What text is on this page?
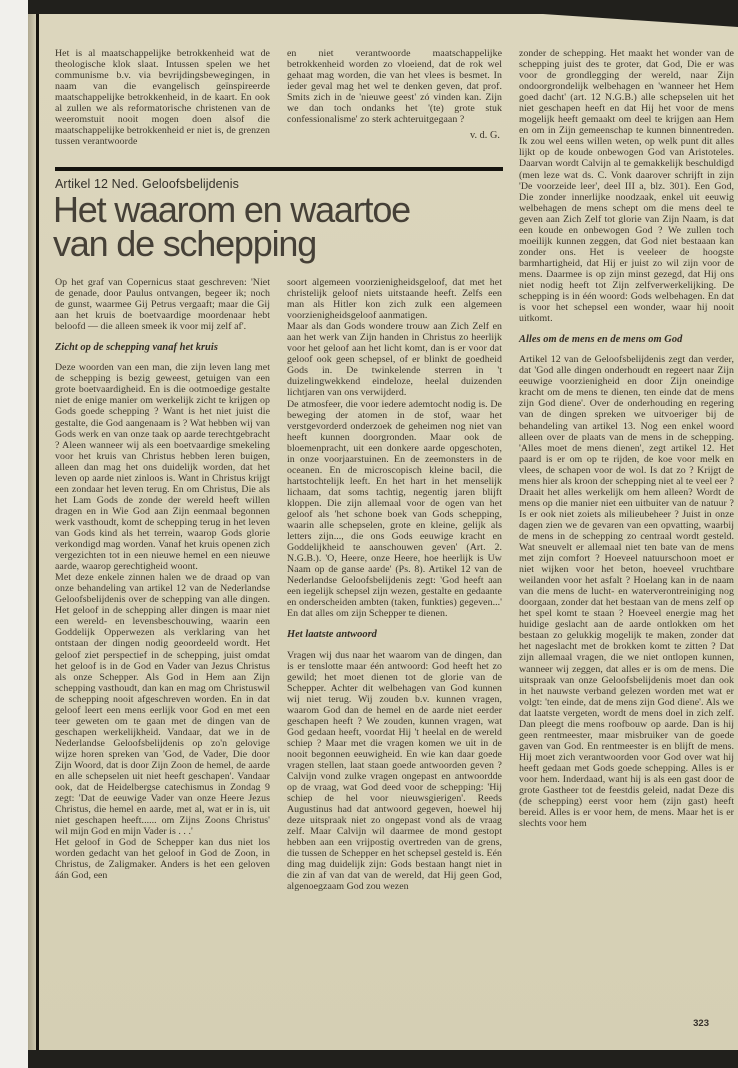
Het is al maatschappelijke betrokkenheid wat de theologische klok slaat. Intussen spelen we het communisme b.v. via bevrijdingsbewegingen, in naam van die evangelisch geïnspireerde maatschappelijke betrokkenheid, in de kaart. En ook al zullen we als reformatorische christenen van de weeromstuit nooit mogen doen alsof die maatschappelijke betrokkenheid er niet is, de grenzen tussen verantwoorde

en niet verantwoorde maatschappelijke betrokkenheid worden zo vloeiend, dat de rok wel gehaat mag worden, die van het vlees is besmet. In ieder geval mag het wel te denken geven, dat prof. Smits zich in de 'nieuwe geest' zó vinden kan. Zijn we dan toch ondanks het '(te) grote stuk confessionalisme' zo sterk achteruitgegaan ?

v. d. G.
Artikel 12 Ned. Geloofsbelijdenis
Het waarom en waartoe
van de schepping
Op het graf van Copernicus staat geschreven: 'Niet de genade, door Paulus ontvangen, begeer ik; noch de gunst, waarmee Gij Petrus vergaaft; maar die Gij aan het kruis de boetvaardige moordenaar hebt beloofd — die alleen smeek ik voor mij zelf af'.
Zicht op de schepping vanaf het kruis
Deze woorden van een man, die zijn leven lang met de schepping is bezig geweest, getuigen van een grote boetvaardigheid. En is die ootmoedige gestalte niet de enige manier om werkelijk zicht te krijgen op Gods goede schepping ? Want is het niet juist die gestalte, die God aangenaam is ? Wat hebben wij van Gods werk en van onze taak op aarde terechtgebracht ? Aleen wanneer wij als een boetvaardige smekeling voor het kruis van Christus hebben leren buigen, alleen dan mag het ons duidelijk worden, dat het leven op aarde niet zinloos is. Want in Christus krijgt een zondaar het leven terug. En om Christus, Die als het Lam Gods de zonde der wereld heeft willen dragen en in Wie God aan Zijn eenmaal begonnen werk vasthoudt, komt de schepping terug in het leven van Gods kind als het terrein, waarop Gods glorie verkondigd mag worden. Vanaf het kruis openen zich vergezichten tot in een nieuwe hemel en een nieuwe aarde, waarop gerechtigheid woont.
Met deze enkele zinnen halen we de draad op van onze behandeling van artikel 12 van de Nederlandse Geloofsbelijdenis over de schepping van alle dingen. Het geloof in de schepping aller dingen is maar niet een wereld- en levensbeschouwing, waarin een Goddelijk Opperwezen als verklaring van het ontstaan der dingen nodig geoordeeld wordt. Het geloof ziet perspectief in de schepping, juist omdat het geloof is in de God en Vader van Jezus Christus als onze Schepper. Als God in Hem aan Zijn schepping vasthoudt, dan kan en mag om Christuswil de schepping nooit afgeschreven worden. En in dat geloof leert een mens eerlijk voor God en met een teer geweten om te gaan met de dingen van de geschapen werkelijkheid. Vandaar, dat we in de Nederlandse Geloofsbelijdenis op zo'n gelovige wijze horen spreken van 'God, de Vader, Die door Zijn Woord, dat is door Zijn Zoon de hemel, de aarde en alle schepselen uit niet heeft geschapen'. Vandaar ook, dat de Heidelbergse catechismus in Zondag 9 zegt: 'Dat de eeuwige Vader van onze Heere Jezus Christus, die hemel en aarde, met al, wat er in is, uit niet geschapen heeft...... om Zijns Zoons Christus' wil mijn God en mijn Vader is . . .'
Het geloof in God de Schepper kan dus niet los worden gedacht van het geloof in God de Zoon, in Christus, de Zaligmaker. Anders is het een geloven áán God, een
soort algemeen voorzienigheidsgeloof, dat met het christelijk geloof niets uitstaande heeft. Zelfs een man als Hitler kon zich zulk een algemeen voorzienigheidsgeloof aanmatigen.
Maar als dan Gods wondere trouw aan Zich Zelf en aan het werk van Zijn handen in Christus zo heerlijk voor het geloof aan het licht komt, dan is er voor dat geloof ook geen schepsel, of er blinkt de goedheid Gods in. De twinkelende sterren in 't duizelingwekkend eindeloze, heelal duizenden lichtjaren van ons verwijderd.
De atmosfeer, die voor iedere ademtocht nodig is. De beweging der atomen in de stof, waar het verstgevorderd onderzoek de geheimen nog niet van heeft kunnen doorgronden. Maar ook de bloemenpracht, uit een donkere aarde opgeschoten, in onze voorjaarstuinen. En de zeemonsters in de oceanen. En de microscopisch kleine bacil, die hartstochtelijk leeft. En het hart in het menselijk lichaam, dat soms tachtig, negentig jaren blijft kloppen. Die zijn allemaal voor de ogen van het geloof als 'het schone boek van Gods schepping, waarin alle schepselen, grote en kleine, gelijk als letters zijn..., die ons Gods eeuwige kracht en Goddelijkheid te aanschouwen geven' (Art. 2. N.G.B.). 'O, Heere, onze Heere, hoe heerlijk is Uw Naam op de ganse aarde' (Ps. 8). Artikel 12 van de Nederlandse Geloofsbelijdenis zegt: 'God heeft aan een iegelijk schepsel zijn wezen, gestalte en gedaante en onderscheiden ambten (taken, funkties) gegeven...' En dat alles om zijn Schepper te dienen.
Het laatste antwoord
Vragen wij dus naar het waarom van de dingen, dan is er tenslotte maar één antwoord: God heeft het zo gewild; het moet dienen tot de glorie van de Schepper. Achter dit welbehagen van God kunnen wij niet terug. Wij zouden b.v. kunnen vragen, waarom God dan de hemel en de aarde niet eerder geschapen heeft ? We zouden, kunnen vragen, wat God gedaan heeft, voordat Hij 't heelal en de wereld schiep ? Maar met die vragen komen we uit in de nooit begonnen eeuwigheid. En wie kan daar goede vragen stellen, laat staan goede antwoorden geven ? Calvijn vond zulke vragen ongepast en antwoordde op de vraag, wat God deed voor de schepping: 'Hij schiep de hel voor nieuwsgierigen'. Reeds Augustinus had dat antwoord gegeven, hoewel hij deze uitspraak niet zo ongepast vond als de vraag zelf. Maar Calvijn wil daarmee de mond gestopt hebben aan een vrijpostig overtreden van de grens, die tussen de Schepper en het schepsel gesteld is. Eén ding mag duidelijk zijn: Gods bestaan hangt niet in die zin af van dat van de wereld, dat Hij geen God, algenoegzaam God zou wezen
zonder de schepping. Het maakt het wonder van de schepping juist des te groter, dat God, Die er was voor de grondlegging der wereld, naar Zijn ondoorgrondelijk welbehagen en 'wanneer het Hem goed dacht' (art. 12 N.G.B.) alle schepselen uit het niet geschapen heeft en dat Hij het voor de mens mogelijk heeft gemaakt om deel te krijgen aan Hem en om in Zijn gemeenschap te kunnen binnentreden. Ik zou wel eens willen weten, op welk punt dit alles lijkt op de koude onbewogen God van Aristoteles. Daarvan wordt Calvijn al te gemakkelijk beschuldigd (men leze wat ds. C. Vonk daarover schrijft in zijn 'De voorzeide leer', deel III a, blz. 301). Een God, Die zonder innerlijke noodzaak, enkel uit eeuwig welbehagen de mens schept om die mens deel te geven aan Zich Zelf tot glorie van Zijn Naam, is dat een koude en onbewogen God ? We zullen toch moeilijk kunnen zeggen, dat God niet bestaaan kan zonder ons. Het is veeleer de hoogste barmhartigheid, dat Hij er juist zo wil zijn voor de mens. Daarmee is op zijn minst gezegd, dat Hij ons niet nodig heeft tot Zijn zelfverwerkelijking. De schepping is in één woord: Gods welbehagen. En dat is voor het schepsel een wonder, waar hij nooit uitkomt.
Alles om de mens en de mens om God
Artikel 12 van de Geloofsbelijdenis zegt dan verder, dat 'God alle dingen onderhoudt en regeert naar Zijn eeuwige voorzienigheid en door Zijn oneindige kracht om de mens te dienen, ten einde dat de mens zijn God diene'. Over de onderhouding en regering van de dingen spreken we uitvoeriger bij de behandeling van artikel 13. Nog een enkel woord alleen over de plaats van de mens in de schepping. 'Alles moet de mens dienen', zegt artikel 12. Het paard is er om op te rijden, de koe voor melk en vlees, de schapen voor de wol. Is dat zo ? Krijgt de mens hier als kroon der schepping niet al te veel eer ? Draait het alles werkelijk om hem alleen? Wordt de mens op die manier niet een uitbuiter van de natuur ? Is er ook niet zoiets als milieubeheer ? Juist in onze dagen zien we de gevaren van een opvatting, waarbij de mens in de schepping zo centraal wordt gesteld. Wat sneuvelt er allemaal niet ten bate van de mens met zijn comfort ? Hoeveel natuurschoon moet er niet wijken voor het beton, hoeveel vruchtbare weilanden voor het asfalt ? Hoelang kan in de naam van die mens de lucht- en waterverontreiniging nog doorgaan, zonder dat het bestaan van de mens zelf op het spel komt te staan ? Hoeveel energie mag het huidige geslacht aan de aarde ontlokken om het bestaan zo gelukkig mogelijk te maken, zonder dat het nageslacht met de brokken komt te zitten ? Dat zijn allemaal vragen, die we niet ontlopen kunnen, wanneer wij zeggen, dat alles er is om de mens. Die uitspraak van onze Geloofsbelijdenis moet dan ook in het nauwste verband gelezen worden met wat er volgt: 'ten einde, dat de mens zijn God diene'. Als we dat laatste vergeten, wordt de mens doel in zich zelf. Dan pleegt die mens roofbouw op aarde. Dan is hij geen rentmeester, maar misbruiker van de goede gaven van God. En rentmeester is en blijft de mens. Hij moet zich verantwoorden voor God over wat hij heeft gedaan met Gods goede schepping. Alles is er voor hem. Inderdaad, want hij is als een gast door de grote Gastheer tot de feestdis geleid, nadat Deze dis (de schepping) eerst voor hem (zijn gast) heeft bereid. Alles is er voor hem, de mens. Maar het is er slechts voor hem
323
